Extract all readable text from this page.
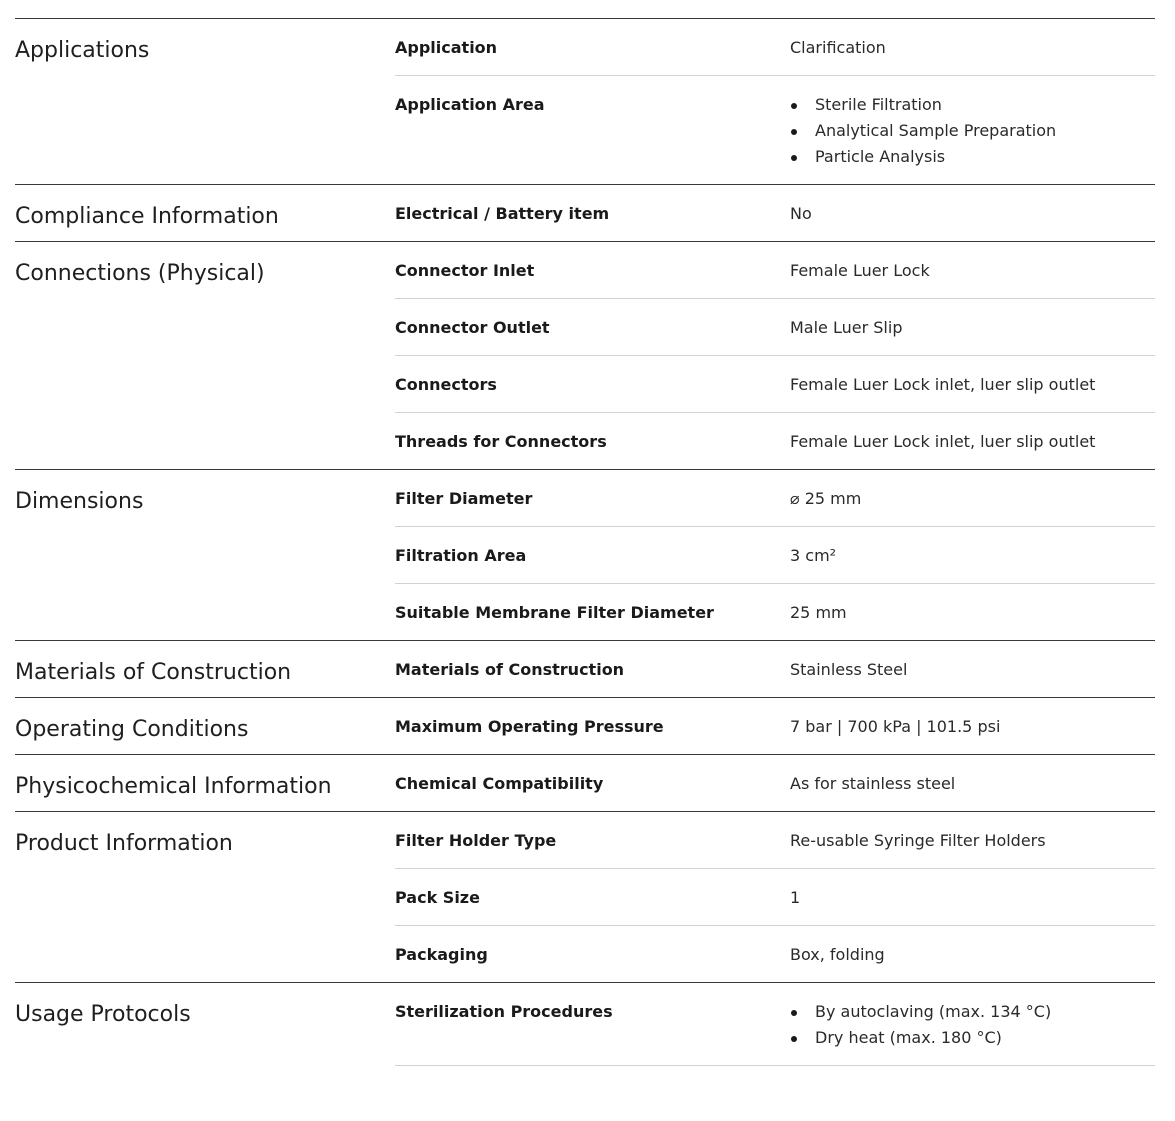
Applications	Application	Clarification
Application Area	Sterile Filtration
Analytical Sample Preparation
Particle Analysis
Compliance Information	Electrical / Battery item	No
Connections (Physical)	Connector Inlet	Female Luer Lock
Connector Outlet	Male Luer Slip
Connectors	Female Luer Lock inlet, luer slip outlet
Threads for Connectors	Female Luer Lock inlet, luer slip outlet
Dimensions	Filter Diameter	⌀ 25 mm
Filtration Area	3 cm²
Suitable Membrane Filter Diameter	25 mm
Materials of Construction	Materials of Construction	Stainless Steel
Operating Conditions	Maximum Operating Pressure	7 bar | 700 kPa | 101.5 psi
Physicochemical Information	Chemical Compatibility	As for stainless steel
Product Information	Filter Holder Type	Re-usable Syringe Filter Holders
Pack Size	1
Packaging	Box, folding
Usage Protocols	Sterilization Procedures	By autoclaving (max. 134 °C)
Dry heat (max. 180 °C)
